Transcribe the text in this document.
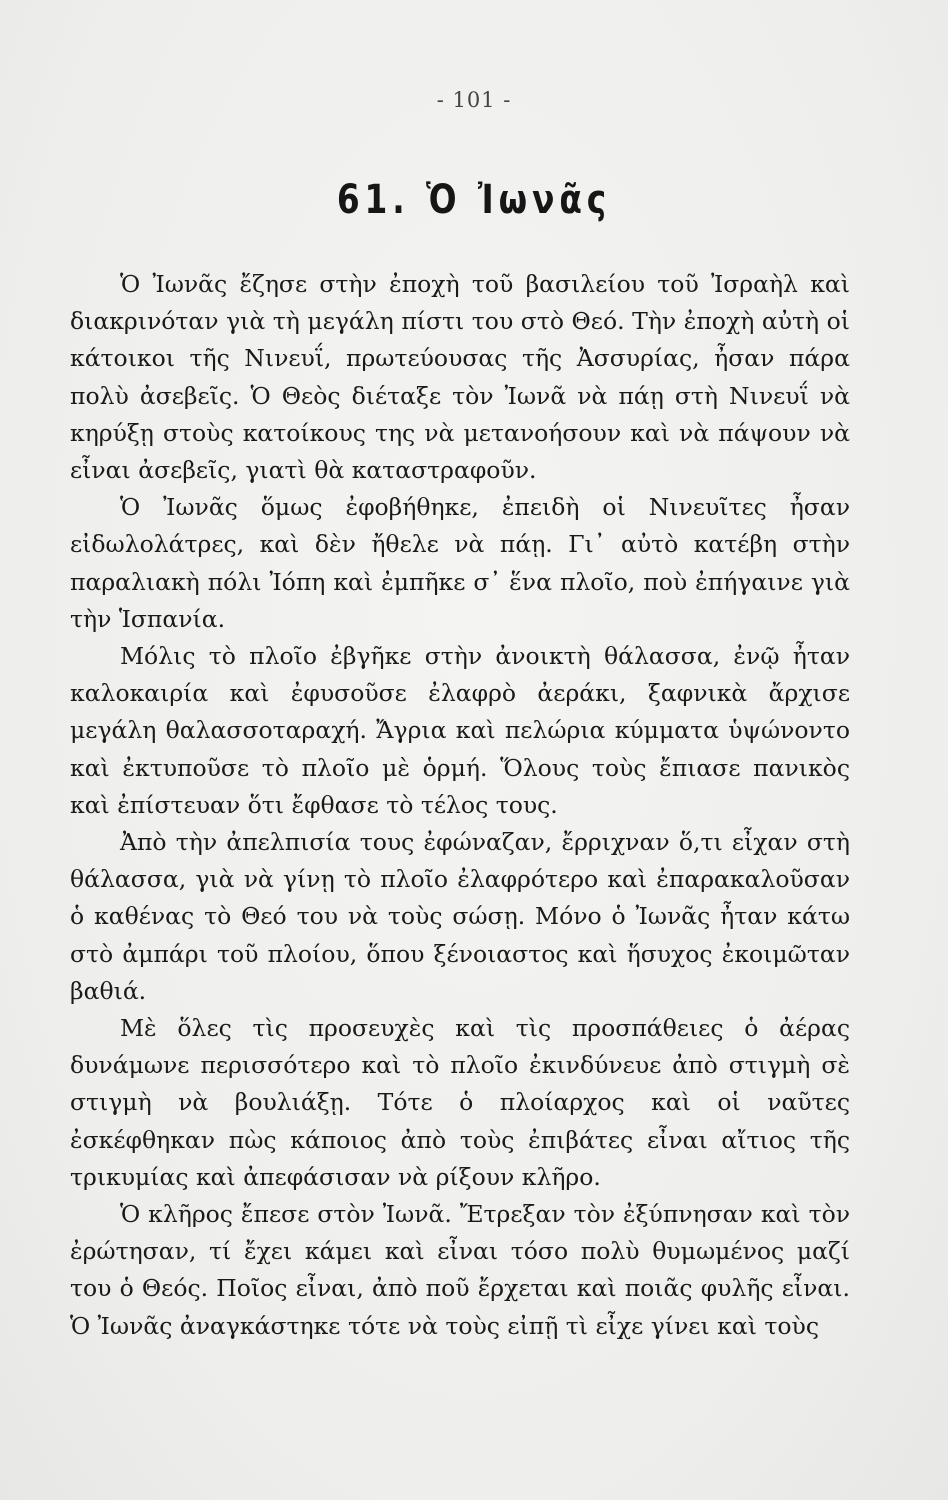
- 101 -
61. Ὁ Ἰωνᾶς

Ὁ Ἰωνᾶς ἔζησε στὴν ἐποχὴ τοῦ βασιλείου τοῦ Ἰσραὴλ καὶ διακρινόταν γιὰ τὴ μεγάλη πίστι του στὸ Θεό. Τὴν ἐποχὴ αὐτὴ οἱ κάτοικοι τῆς Νινευΐ, πρωτεύουσας τῆς Ἀσσυρίας, ἦσαν πάρα πολὺ ἀσεβεῖς. Ὁ Θεὸς διέταξε τὸν Ἰωνᾶ νὰ πάῃ στὴ Νινευΐ νὰ κηρύξῃ στοὺς κατοίκους της νὰ μετανοήσουν καὶ νὰ πάψουν νὰ εἶναι ἀσεβεῖς, γιατὶ θὰ καταστραφοῦν.

Ὁ Ἰωνᾶς ὅμως ἐφοβήθηκε, ἐπειδὴ οἱ Νινευῖτες ἦσαν εἰδωλολάτρες, καὶ δὲν ἤθελε νὰ πάῃ. Γι᾽ αὐτὸ κατέβη στὴν παραλιακὴ πόλι Ἰόπη καὶ ἐμπῆκε σ᾽ ἕνα πλοῖο, ποὺ ἐπήγαινε γιὰ τὴν Ἱσπανία.

Μόλις τὸ πλοῖο ἐβγῆκε στὴν ἀνοικτὴ θάλασσα, ἐνῷ ἦταν καλοκαιρία καὶ ἐφυσοῦσε ἐλαφρὸ ἀεράκι, ξαφνικὰ ἄρχισε μεγάλη θαλασσοταραχή. Ἄγρια καὶ πελώρια κύμματα ὑψώνοντο καὶ ἐκτυποῦσε τὸ πλοῖο μὲ ὁρμή. Ὅλους τοὺς ἔπιασε πανικὸς καὶ ἐπίστευαν ὅτι ἔφθασε τὸ τέλος τους.

Ἀπὸ τὴν ἀπελπισία τους ἐφώναζαν, ἔρριχναν ὅ,τι εἶχαν στὴ θάλασσα, γιὰ νὰ γίνῃ τὸ πλοῖο ἐλαφρότερο καὶ ἐπαρακαλοῦσαν ὁ καθένας τὸ Θεό του νὰ τοὺς σώσῃ. Μόνο ὁ Ἰωνᾶς ἦταν κάτω στὸ ἀμπάρι τοῦ πλοίου, ὅπου ξένοιαστος καὶ ἥσυχος ἐκοιμῶταν βαθιά.

Μὲ ὅλες τὶς προσευχὲς καὶ τὶς προσπάθειες ὁ ἀέρας δυνάμωνε περισσότερο καὶ τὸ πλοῖο ἐκινδύνευε ἀπὸ στιγμὴ σὲ στιγμὴ νὰ βουλιάξῃ. Τότε ὁ πλοίαρχος καὶ οἱ ναῦτες ἐσκέφθηκαν πὼς κάποιος ἀπὸ τοὺς ἐπιβάτες εἶναι αἴτιος τῆς τρικυμίας καὶ ἀπεφάσισαν νὰ ρίξουν κλῆρο.

Ὁ κλῆρος ἔπεσε στὸν Ἰωνᾶ. Ἔτρεξαν τὸν ἐξύπνησαν καὶ τὸν ἐρώτησαν, τί ἔχει κάμει καὶ εἶναι τόσο πολὺ θυμωμένος μαζί του ὁ Θεός. Ποῖος εἶναι, ἀπὸ ποῦ ἔρχεται καὶ ποιᾶς φυλῆς εἶναι. Ὁ Ἰωνᾶς ἀναγκάστηκε τότε νὰ τοὺς εἰπῇ τὶ εἶχε γίνει καὶ τοὺς
